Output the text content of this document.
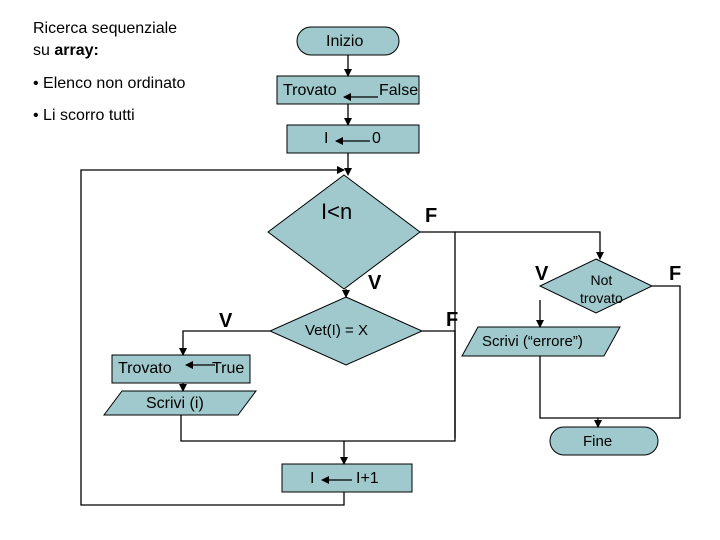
Ricerca sequenziale
su array:
• Elenco non ordinato
• Li scorro tutti
Inizio
Trovato	False
I	0
I<n	F
V
Vet(I) = X
V	F
Trovato	True
Scrivi (i)
Not
trovato
V	F
Scrivi (“errore”)
Fine
I	I+1
